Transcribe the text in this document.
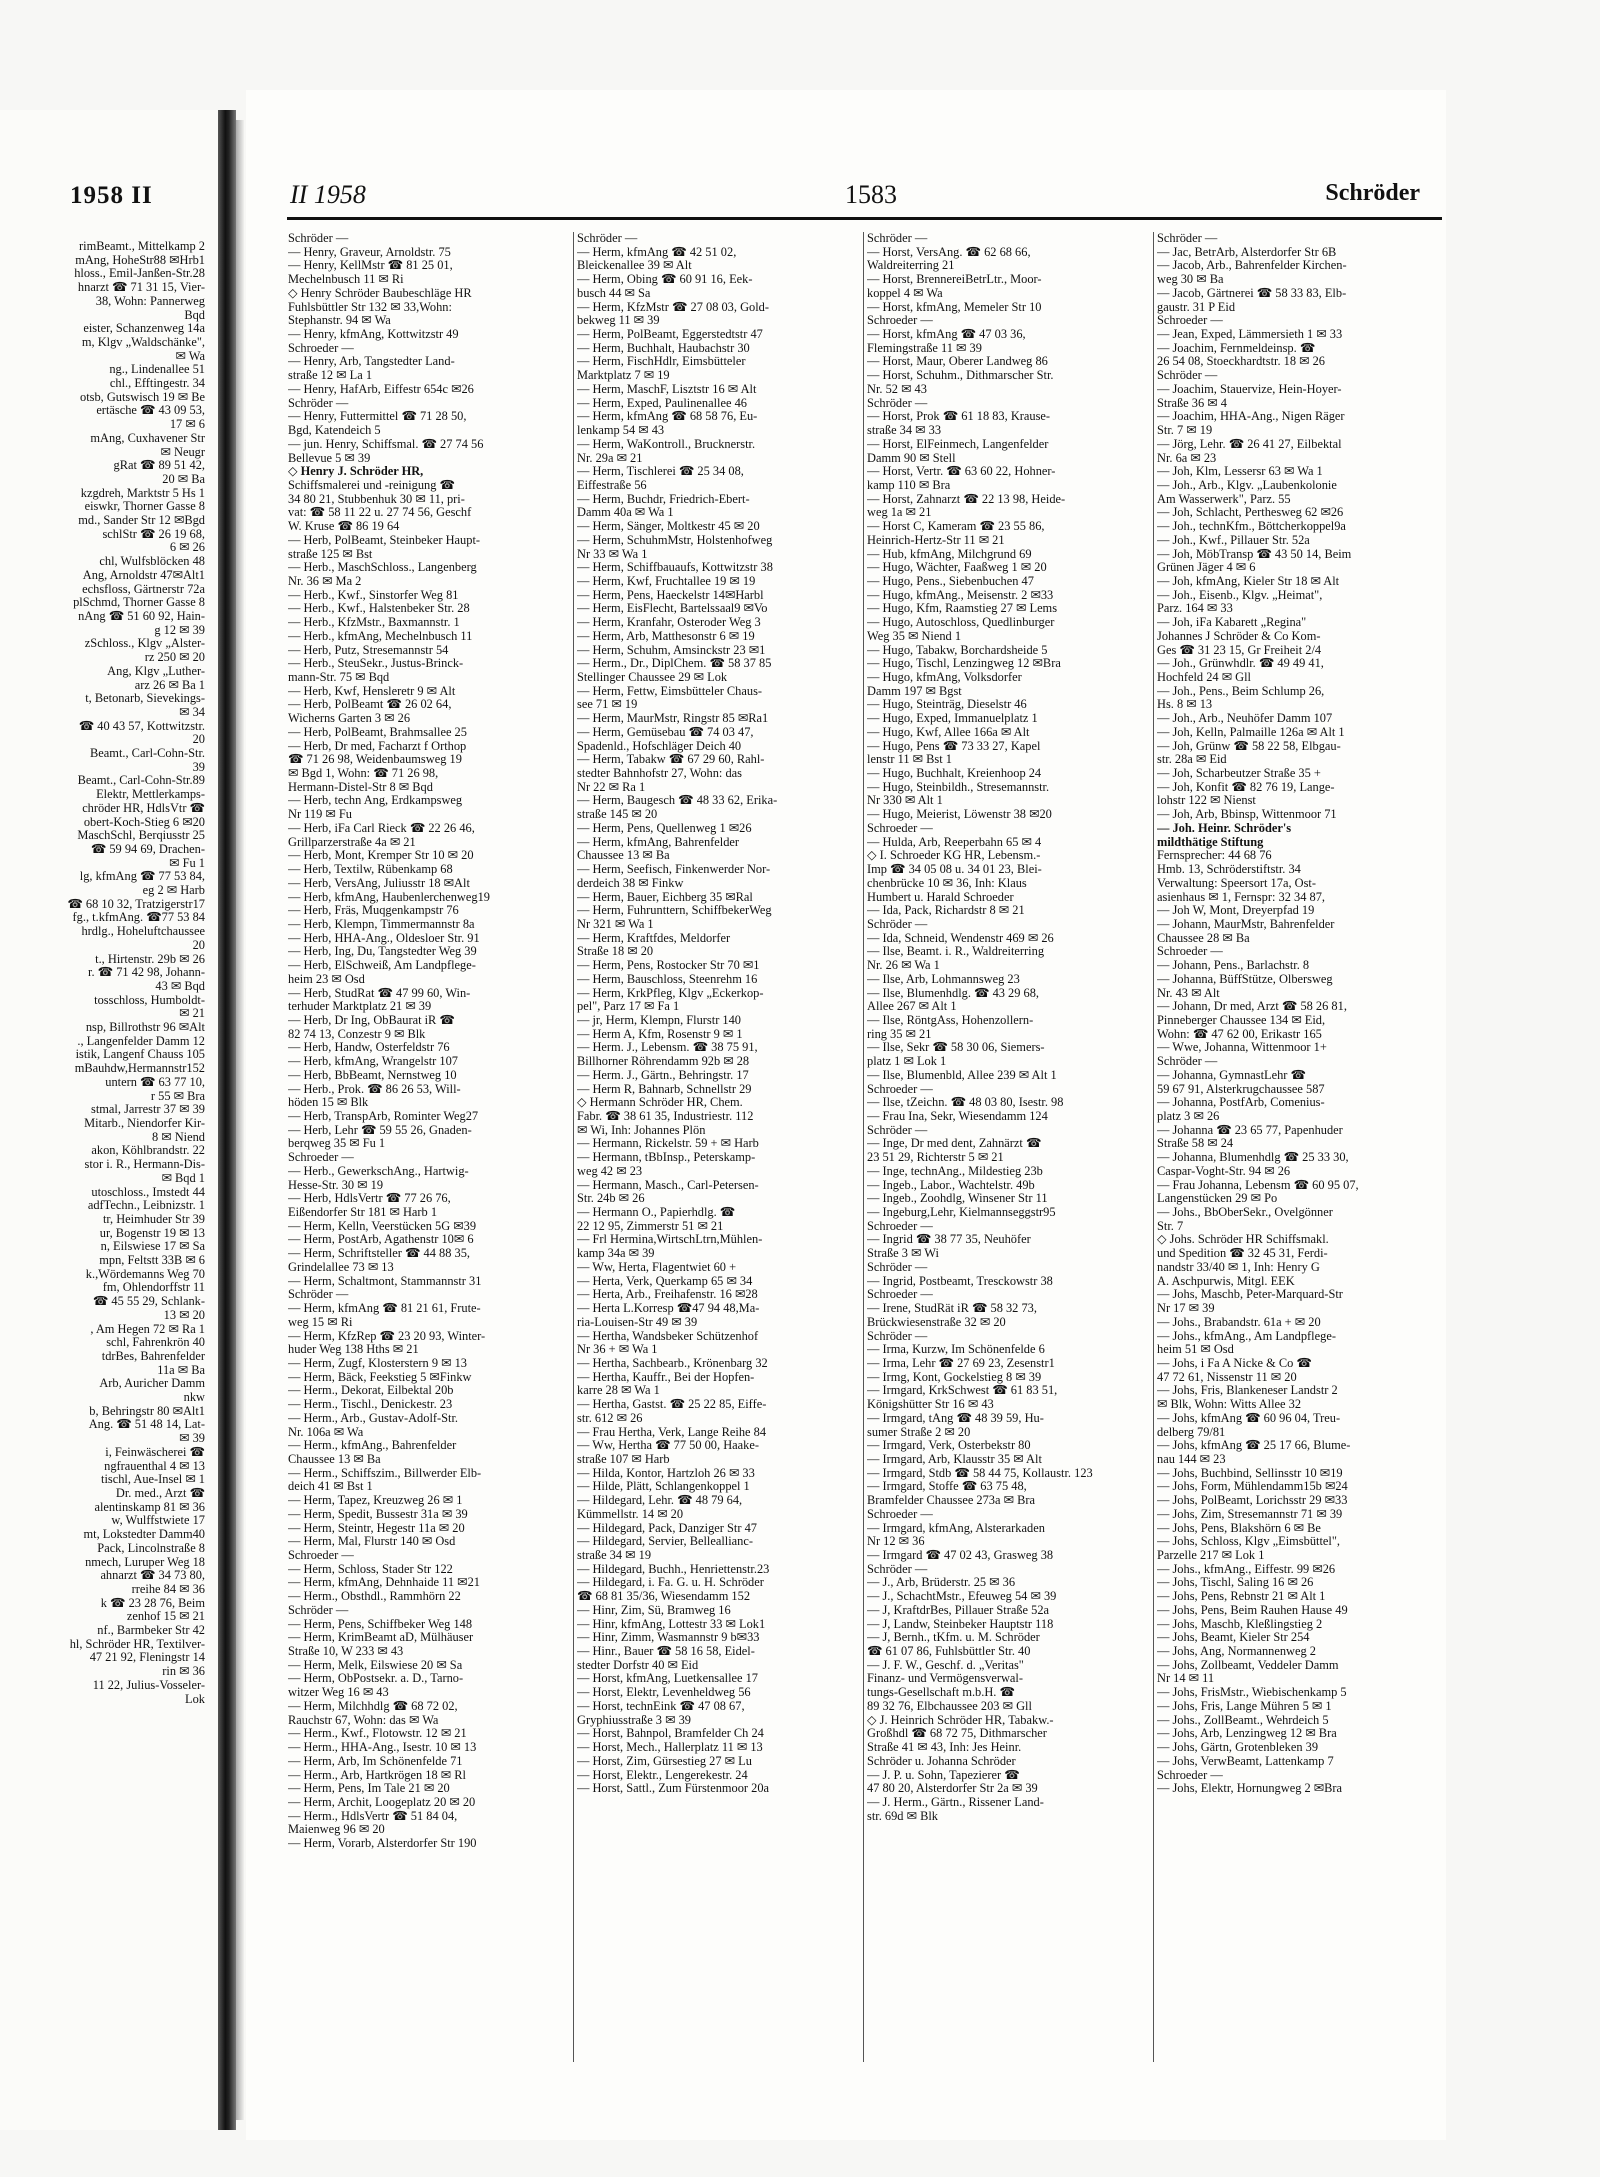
1958 II
rimBeamt., Mittelkamp 2
mAng, HoheStr88 ✉Hrb1
hloss., Emil-Janßen-Str.28
hnarzt ☎ 71 31 15, Vier-
38, Wohn: Pannerweg
Bqd
eister, Schanzenweg 14a
m, Klgv „Waldschänke",
✉ Wa
ng., Lindenallee 51
chl., Efftingestr. 34
otsb, Gutswisch 19 ✉ Be
ertäsche ☎ 43 09 53,
17 ✉ 6
mAng, Cuxhavener Str
✉ Neugr
gRat ☎ 89 51 42,
20 ✉ Ba
kzgdreh, Marktstr 5 Hs 1
eiswkr, Thorner Gasse 8
md., Sander Str 12 ✉Bgd
schlStr ☎ 26 19 68,
6 ✉ 26
chl, Wulfsblöcken 48
Ang, Arnoldstr 47✉Alt1
echsfloss, Gärtnerstr 72a
plSchmd, Thorner Gasse 8
nAng ☎ 51 60 92, Hain-
g 12 ✉ 39
zSchloss., Klgv „Alster-
rz 250 ✉ 20
Ang, Klgv „Luther-
arz 26 ✉ Ba 1
t, Betonarb, Sievekings-
✉ 34
☎ 40 43 57, Kottwitzstr.
20
Beamt., Carl-Cohn-Str.
39
Beamt., Carl-Cohn-Str.89
Elektr, Mettlerkamps-
chröder HR, HdlsVtr ☎
obert-Koch-Stieg 6 ✉20
MaschSchl, Berqiusstr 25
☎ 59 94 69, Drachen-
✉ Fu 1
lg, kfmAng ☎ 77 53 84,
eg 2 ✉ Harb
☎ 68 10 32, Tratzigerstr17
fg., t.kfmAng. ☎77 53 84
hrdlg., Hoheluftchaussee
20
t., Hirtenstr. 29b ✉ 26
r. ☎ 71 42 98, Johann-
43 ✉ Bqd
tosschloss, Humboldt-
✉ 21
nsp, Billrothstr 96 ✉Alt
., Langenfelder Damm 12
istik, Langenf Chauss 105
mBauhdw,Hermannstr152
untern ☎ 63 77 10,
r 55 ✉ Bra
stmal, Jarrestr 37 ✉ 39
Mitarb., Niendorfer Kir-
8 ✉ Niend
akon, Köhlbrandstr. 22
stor i. R., Hermann-Dis-
✉ Bqd 1
utoschloss., Imstedt 44
adfTechn., Leibnizstr. 1
tr, Heimhuder Str 39
ur, Bogenstr 19 ✉ 13
n, Eilswiese 17 ✉ Sa
mpn, Feltstt 33B ✉ 6
k.,Wördemanns Weg 70
fm, Ohlendorffstr 11
☎ 45 55 29, Schlank-
13 ✉ 20
, Am Hegen 72 ✉ Ra 1
schl, Fahrenkrön 40
tdrBes, Bahrenfelder
11a ✉ Ba
Arb, Auricher Damm
nkw
b, Behringstr 80 ✉Alt1
Ang. ☎ 51 48 14, Lat-
✉ 39
i, Feinwäscherei ☎
ngfrauenthal 4 ✉ 13
tischl, Aue-Insel ✉ 1
Dr. med., Arzt ☎
alentinskamp 81 ✉ 36
w, Wulffstwiete 17
mt, Lokstedter Damm40
Pack, Lincolnstraße 8
nmech, Luruper Weg 18
ahnarzt ☎ 34 73 80,
rreihe 84 ✉ 36
k ☎ 23 28 76, Beim
zenhof 15 ✉ 21
nf., Barmbeker Str 42
hl, Schröder HR, Textilver-
47 21 92, Fleningstr 14
rin ✉ 36
11 22, Julius-Vosseler-
Lok
II 1958	1583	Schröder
Schröder —
— Henry, Graveur, Arnoldstr. 75
— Henry, KellMstr ☎ 81 25 01,
Mechelnbusch 11 ✉ Ri
◇ Henry Schröder Baubeschläge HR
Fuhlsbüttler Str 132 ✉ 33,Wohn:
Stephanstr. 94 ✉ Wa
— Henry, kfmAng, Kottwitzstr 49
Schroeder —
— Henry, Arb, Tangstedter Land-
straße 12 ✉ La 1
— Henry, HafArb, Eiffestr 654c ✉26
Schröder —
— Henry, Futtermittel ☎ 71 28 50,
Bgd, Katendeich 5
— jun. Henry, Schiffsmal. ☎ 27 74 56
Bellevue 5 ✉ 39
◇ Henry J. Schröder HR,
Schiffsmalerei und -reinigung ☎
34 80 21, Stubbenhuk 30 ✉ 11, pri-
vat: ☎ 58 11 22 u. 27 74 56, Geschf
W. Kruse ☎ 86 19 64
— Herb, PolBeamt, Steinbeker Haupt-
straße 125 ✉ Bst
— Herb., MaschSchloss., Langenberg
Nr. 36 ✉ Ma 2
— Herb., Kwf., Sinstorfer Weg 81
— Herb., Kwf., Halstenbeker Str. 28
— Herb., KfzMstr., Baxmannstr. 1
— Herb., kfmAng, Mechelnbusch 11
— Herb, Putz, Stresemannstr 54
— Herb., SteuSekr., Justus-Brinck-
mann-Str. 75 ✉ Bqd
— Herb, Kwf, Hensleretr 9 ✉ Alt
— Herb, PolBeamt ☎ 26 02 64,
Wicherns Garten 3 ✉ 26
— Herb, PolBeamt, Brahmsallee 25
— Herb, Dr med, Facharzt f Orthop
☎ 71 26 98, Weidenbaumsweg 19
✉ Bgd 1, Wohn: ☎ 71 26 98,
Hermann-Distel-Str 8 ✉ Bqd
— Herb, techn Ang, Erdkampsweg
Nr 119 ✉ Fu
— Herb, iFa Carl Rieck ☎ 22 26 46,
Grillparzerstraße 4a ✉ 21
— Herb, Mont, Kremper Str 10 ✉ 20
— Herb, Textilw, Rübenkamp 68
— Herb, VersAng, Juliusstr 18 ✉Alt
— Herb, kfmAng, Haubenlerchenweg19
— Herb, Fräs, Muqgenkampstr 76
— Herb, Klempn, Timmermannstr 8a
— Herb, HHA-Ang., Oldesloer Str. 91
— Herb, Ing, Du, Tangstedter Weg 39
— Herb, ElSchweiß, Am Landpflege-
heim 23 ✉ Osd
— Herb, StudRat ☎ 47 99 60, Win-
terhuder Marktplatz 21 ✉ 39
— Herb, Dr Ing, ObBaurat iR ☎
82 74 13, Conzestr 9 ✉ Blk
— Herb, Handw, Osterfeldstr 76
— Herb, kfmAng, Wrangelstr 107
— Herb, BbBeamt, Nernstweg 10
— Herb., Prok. ☎ 86 26 53, Will-
höden 15 ✉ Blk
— Herb, TranspArb, Rominter Weg27
— Herb, Lehr ☎ 59 55 26, Gnaden-
berqweg 35 ✉ Fu 1
Schroeder —
— Herb., GewerkschAng., Hartwig-
Hesse-Str. 30 ✉ 19
— Herb, HdlsVertr ☎ 77 26 76,
Eißendorfer Str 181 ✉ Harb 1
— Herm, Kelln, Veerstücken 5G ✉39
— Herm, PostArb, Agathenstr 10✉ 6
— Herm, Schriftsteller ☎ 44 88 35,
Grindelallee 73 ✉ 13
— Herm, Schaltmont, Stammannstr 31
Schröder —
— Herm, kfmAng ☎ 81 21 61, Frute-
weg 15 ✉ Ri
— Herm, KfzRep ☎ 23 20 93, Winter-
huder Weg 138 Hths ✉ 21
— Herm, Zugf, Klosterstern 9 ✉ 13
— Herm, Bäck, Feekstieg 5 ✉Finkw
— Herm., Dekorat, Eilbektal 20b
— Herm., Tischl., Denickestr. 23
— Herm., Arb., Gustav-Adolf-Str.
Nr. 106a ✉ Wa
— Herm., kfmAng., Bahrenfelder
Chaussee 13 ✉ Ba
— Herm., Schiffszim., Billwerder Elb-
deich 41 ✉ Bst 1
— Herm, Tapez, Kreuzweg 26 ✉ 1
— Herm, Spedit, Bussestr 31a ✉ 39
— Herm, Steintr, Hegestr 11a ✉ 20
— Herm, Mal, Flurstr 140 ✉ Osd
Schroeder —
— Herm, Schloss, Stader Str 122
— Herm, kfmAng, Dehnhaide 11 ✉21
— Herm., Obsthdl., Rammhörn 22
Schröder —
— Herm, Pens, Schiffbeker Weg 148
— Herm, KrimBeamt aD, Mülhäuser
Straße 10, W 233 ✉ 43
— Herm, Melk, Eilswiese 20 ✉ Sa
— Herm, ObPostsekr. a. D., Tarno-
witzer Weg 16 ✉ 43
— Herm, Milchhdlg ☎ 68 72 02,
Rauchstr 67, Wohn: das ✉ Wa
— Herm., Kwf., Flotowstr. 12 ✉ 21
— Herm., HHA-Ang., Isestr. 10 ✉ 13
— Herm, Arb, Im Schönenfelde 71
— Herm., Arb, Hartkrögen 18 ✉ Rl
— Herm, Pens, Im Tale 21 ✉ 20
— Herm, Archit, Loogeplatz 20 ✉ 20
— Herm., HdlsVertr ☎ 51 84 04,
Maienweg 96 ✉ 20
— Herm, Vorarb, Alsterdorfer Str 190
Schröder —
— Herm, kfmAng ☎ 42 51 02,
Bleickenallee 39 ✉ Alt
— Herm, Obing ☎ 60 91 16, Eek-
busch 44 ✉ Sa
— Herm, KfzMstr ☎ 27 08 03, Gold-
bekweg 11 ✉ 39
— Herm, PolBeamt, Eggerstedtstr 47
— Herm, Buchhalt, Haubachstr 30
— Herm, FischHdlr, Eimsbütteler
Marktplatz 7 ✉ 19
— Herm, MaschF, Lisztstr 16 ✉ Alt
— Herm, Exped, Paulinenallee 46
— Herm, kfmAng ☎ 68 58 76, Eu-
lenkamp 54 ✉ 43
— Herm, WaKontroll., Brucknerstr.
Nr. 29a ✉ 21
— Herm, Tischlerei ☎ 25 34 08,
Eiffestraße 56
— Herm, Buchdr, Friedrich-Ebert-
Damm 40a ✉ Wa 1
— Herm, Sänger, Moltkestr 45 ✉ 20
— Herm, SchuhmMstr, Holstenhofweg
Nr 33 ✉ Wa 1
— Herm, Schiffbauaufs, Kottwitzstr 38
— Herm, Kwf, Fruchtallee 19 ✉ 19
— Herm, Pens, Haeckelstr 14✉Harbl
— Herm, EisFlecht, Bartelssaal9 ✉Vo
— Herm, Kranfahr, Osteroder Weg 3
— Herm, Arb, Matthesonstr 6 ✉ 19
— Herm, Schuhm, Amsinckstr 23 ✉1
— Herm., Dr., DiplChem. ☎ 58 37 85
Stellinger Chaussee 29 ✉ Lok
— Herm, Fettw, Eimsbütteler Chaus-
see 71 ✉ 19
— Herm, MaurMstr, Ringstr 85 ✉Ra1
— Herm, Gemüsebau ☎ 74 03 47,
Spadenld., Hofschläger Deich 40
— Herm, Tabakw ☎ 67 29 60, Rahl-
stedter Bahnhofstr 27, Wohn: das
Nr 22 ✉ Ra 1
— Herm, Baugesch ☎ 48 33 62, Erika-
straße 145 ✉ 20
— Herm, Pens, Quellenweg 1 ✉26
— Herm, kfmAng, Bahrenfelder
Chaussee 13 ✉ Ba
— Herm, Seefisch, Finkenwerder Nor-
derdeich 38 ✉ Finkw
— Herm, Bauer, Eichberg 35 ✉Ral
— Herm, Fuhrunttern, SchiffbekerWeg
Nr 321 ✉ Wa 1
— Herm, Kraftfdes, Meldorfer
Straße 18 ✉ 20
— Herm, Pens, Rostocker Str 70 ✉1
— Herm, Bauschloss, Steenrehm 16
— Herm, KrkPfleg, Klgv „Eckerkop-
pel", Parz 17 ✉ Fa 1
— jr, Herm, Klempn, Flurstr 140
— Herm A, Kfm, Rosenstr 9 ✉ 1
— Herm. J., Lebensm. ☎ 38 75 91,
Billhorner Röhrendamm 92b ✉ 28
— Herm. J., Gärtn., Behringstr. 17
— Herm R, Bahnarb, Schnellstr 29
◇ Hermann Schröder HR, Chem.
Fabr. ☎ 38 61 35, Industriestr. 112
✉ Wi, Inh: Johannes Plön
— Hermann, Rickelstr. 59 + ✉ Harb
— Hermann, tBbInsp., Peterskamp-
weg 42 ✉ 23
— Hermann, Masch., Carl-Petersen-
Str. 24b ✉ 26
— Hermann O., Papierhdlg. ☎
22 12 95, Zimmerstr 51 ✉ 21
— Frl Hermina,WirtschLtrn,Mühlen-
kamp 34a ✉ 39
— Ww, Herta, Flagentwiet 60 +
— Herta, Verk, Querkamp 65 ✉ 34
— Herta, Arb., Freihafenstr. 16 ✉28
— Herta L.Korresp ☎47 94 48,Ma-
ria-Louisen-Str 49 ✉ 39
— Hertha, Wandsbeker Schützenhof
Nr 36 + ✉ Wa 1
— Hertha, Sachbearb., Krönenbarg 32
— Hertha, Kauffr., Bei der Hopfen-
karre 28 ✉ Wa 1
— Hertha, Gastst. ☎ 25 22 85, Eiffe-
str. 612 ✉ 26
— Frau Hertha, Verk, Lange Reihe 84
— Ww, Hertha ☎ 77 50 00, Haake-
straße 107 ✉ Harb
— Hilda, Kontor, Hartzloh 26 ✉ 33
— Hilde, Plätt, Schlangenkoppel 1
— Hildegard, Lehr. ☎ 48 79 64,
Kümmellstr. 14 ✉ 20
— Hildegard, Pack, Danziger Str 47
— Hildegard, Servier, Belleallianc-
straße 34 ✉ 19
— Hildegard, Buchh., Henriettenstr.23
— Hildegard, i. Fa. G. u. H. Schröder
☎ 68 81 35/36, Wiesendamm 152
— Hinr, Zim, Sü, Bramweg 16
— Hinr, kfmAng, Lottestr 33 ✉ Lok1
— Hinr, Zimm, Wasmannstr 9 b✉33
— Hinr., Bauer ☎ 58 16 58, Eidel-
stedter Dorfstr 40 ✉ Eid
— Horst, kfmAng, Luetkensallee 17
— Horst, Elektr, Levenheldweg 56
— Horst, technEink ☎ 47 08 67,
Gryphiusstraße 3 ✉ 39
— Horst, Bahnpol, Bramfelder Ch 24
— Horst, Mech., Hallerplatz 11 ✉ 13
— Horst, Zim, Gürsestieg 27 ✉ Lu
— Horst, Elektr., Lengerekestr. 24
— Horst, Sattl., Zum Fürstenmoor 20a
Schröder —
— Horst, VersAng. ☎ 62 68 66,
Waldreiterring 21
— Horst, BrennereiBetrLtr., Moor-
koppel 4 ✉ Wa
— Horst, kfmAng, Memeler Str 10
Schroeder —
— Horst, kfmAng ☎ 47 03 36,
Flemingstraße 11 ✉ 39
— Horst, Maur, Oberer Landweg 86
— Horst, Schuhm., Dithmarscher Str.
Nr. 52 ✉ 43
Schröder —
— Horst, Prok ☎ 61 18 83, Krause-
straße 34 ✉ 33
— Horst, ElFeinmech, Langenfelder
Damm 90 ✉ Stell
— Horst, Vertr. ☎ 63 60 22, Hohner-
kamp 110 ✉ Bra
— Horst, Zahnarzt ☎ 22 13 98, Heide-
weg 1a ✉ 21
— Horst C, Kameram ☎ 23 55 86,
Heinrich-Hertz-Str 11 ✉ 21
— Hub, kfmAng, Milchgrund 69
— Hugo, Wächter, Faaßweg 1 ✉ 20
— Hugo, Pens., Siebenbuchen 47
— Hugo, kfmAng., Meisenstr. 2 ✉33
— Hugo, Kfm, Raamstieg 27 ✉ Lems
— Hugo, Autoschloss, Quedlinburger
Weg 35 ✉ Niend 1
— Hugo, Tabakw, Borchardsheide 5
— Hugo, Tischl, Lenzingweg 12 ✉Bra
— Hugo, kfmAng, Volksdorfer
Damm 197 ✉ Bgst
— Hugo, Steinträg, Dieselstr 46
— Hugo, Exped, Immanuelplatz 1
— Hugo, Kwf, Allee 166a ✉ Alt
— Hugo, Pens ☎ 73 33 27, Kapel
lenstr 11 ✉ Bst 1
— Hugo, Buchhalt, Kreienhoop 24
— Hugo, Steinbildh., Stresemannstr.
Nr 330 ✉ Alt 1
— Hugo, Meierist, Löwenstr 38 ✉20
Schroeder —
— Hulda, Arb, Reeperbahn 65 ✉ 4
◇ I. Schroeder KG HR, Lebensm.-
Imp ☎ 34 05 08 u. 34 01 23, Blei-
chenbrücke 10 ✉ 36, Inh: Klaus
Humbert u. Harald Schroeder
— Ida, Pack, Richardstr 8 ✉ 21
Schröder —
— Ida, Schneid, Wendenstr 469 ✉ 26
— Ilse, Beamt. i. R., Waldreiterring
Nr. 26 ✉ Wa 1
— Ilse, Arb, Lohmannsweg 23
— Ilse, Blumenhdlg. ☎ 43 29 68,
Allee 267 ✉ Alt 1
— Ilse, RöntgAss, Hohenzollern-
ring 35 ✉ 21
— Ilse, Sekr ☎ 58 30 06, Siemers-
platz 1 ✉ Lok 1
— Ilse, Blumenbld, Allee 239 ✉ Alt 1
Schroeder —
— Ilse, tZeichn. ☎ 48 03 80, Isestr. 98
— Frau Ina, Sekr, Wiesendamm 124
Schröder —
— Inge, Dr med dent, Zahnärzt ☎
23 51 29, Richterstr 5 ✉ 21
— Inge, technAng., Mildestieg 23b
— Ingeb., Labor., Wachtelstr. 49b
— Ingeb., Zoohdlg, Winsener Str 11
— Ingeburg,Lehr, Kielmannseggstr95
Schroeder —
— Ingrid ☎ 38 77 35, Neuhöfer
Straße 3 ✉ Wi
Schröder —
— Ingrid, Postbeamt, Tresckowstr 38
Schroeder —
— Irene, StudRät iR ☎ 58 32 73,
Brückwiesenstraße 32 ✉ 20
Schröder —
— Irma, Kurzw, Im Schönenfelde 6
— Irma, Lehr ☎ 27 69 23, Zesenstr1
— Irmg, Kont, Gockelstieg 8 ✉ 39
— Irmgard, KrkSchwest ☎ 61 83 51,
Königshütter Str 16 ✉ 43
— Irmgard, tAng ☎ 48 39 59, Hu-
sumer Straße 2 ✉ 20
— Irmgard, Verk, Osterbekstr 80
— Irmgard, Arb, Klausstr 35 ✉ Alt
— Irmgard, Stdb ☎ 58 44 75, Kollaustr. 123
— Irmgard, Stoffe ☎ 63 75 48,
Bramfelder Chaussee 273a ✉ Bra
Schroeder —
— Irmgard, kfmAng, Alsterarkaden
Nr 12 ✉ 36
— Irmgard ☎ 47 02 43, Grasweg 38
Schröder —
— J., Arb, Brüderstr. 25 ✉ 36
— J., SchachtMstr., Efeuweg 54 ✉ 39
— J, KraftdrBes, Pillauer Straße 52a
— J, Landw, Steinbeker Hauptstr 118
— J, Bernh., tKfm. u. M. Schröder
☎ 61 07 86, Fuhlsbüttler Str. 40
— J. F. W., Geschf. d. „Veritas"
Finanz- und Vermögensverwal-
tungs-Gesellschaft m.b.H. ☎
89 32 76, Elbchaussee 203 ✉ Gll
◇ J. Heinrich Schröder HR, Tabakw.-
Großhdl ☎ 68 72 75, Dithmarscher
Straße 41 ✉ 43, Inh: Jes Heinr.
Schröder u. Johanna Schröder
— J. P. u. Sohn, Tapezierer ☎
47 80 20, Alsterdorfer Str 2a ✉ 39
— J. Herm., Gärtn., Rissener Land-
str. 69d ✉ Blk
Schröder —
— Jac, BetrArb, Alsterdorfer Str 6B
— Jacob, Arb., Bahrenfelder Kirchen-
weg 30 ✉ Ba
— Jacob, Gärtnerei ☎ 58 33 83, Elb-
gaustr. 31 P Eid
Schroeder —
— Jean, Exped, Lämmersieth 1 ✉ 33
— Joachim, Fernmeldeinsp. ☎
26 54 08, Stoeckhardtstr. 18 ✉ 26
Schröder —
— Joachim, Stauervize, Hein-Hoyer-
Straße 36 ✉ 4
— Joachim, HHA-Ang., Nigen Räger
Str. 7 ✉ 19
— Jörg, Lehr. ☎ 26 41 27, Eilbektal
Nr. 6a ✉ 23
— Joh, Klm, Lessersr 63 ✉ Wa 1
— Joh., Arb., Klgv. „Laubenkolonie
Am Wasserwerk", Parz. 55
— Joh, Schlacht, Perthesweg 62 ✉26
— Joh., technKfm., Böttcherkoppel9a
— Joh., Kwf., Pillauer Str. 52a
— Joh, MöbTransp ☎ 43 50 14, Beim
Grünen Jäger 4 ✉ 6
— Joh, kfmAng, Kieler Str 18 ✉ Alt
— Joh., Eisenb., Klgv. „Heimat",
Parz. 164 ✉ 33
— Joh, iFa Kabarett „Regina"
Johannes J Schröder & Co Kom-
Ges ☎ 31 23 15, Gr Freiheit 2/4
— Joh., Grünwhdlr. ☎ 49 49 41,
Hochfeld 24 ✉ Gll
— Joh., Pens., Beim Schlump 26,
Hs. 8 ✉ 13
— Joh., Arb., Neuhöfer Damm 107
— Joh, Kelln, Palmaille 126a ✉ Alt 1
— Joh, Grünw ☎ 58 22 58, Elbgau-
str. 28a ✉ Eid
— Joh, Scharbeutzer Straße 35 +
— Joh, Konfit ☎ 82 76 19, Lange-
lohstr 122 ✉ Nienst
— Joh, Arb, Bbinsp, Wittenmoor 71
— Joh. Heinr. Schröder's
mildthätige Stiftung
Fernsprecher: 44 68 76
Hmb. 13, Schröderstiftstr. 34
Verwaltung: Speersort 17a, Ost-
asienhaus ✉ 1, Fernspr: 32 34 87,
— Joh W, Mont, Dreyerpfad 19
— Johann, MaurMstr, Bahrenfelder
Chaussee 28 ✉ Ba
Schroeder —
— Johann, Pens., Barlachstr. 8
— Johanna, BüffStütze, Olbersweg
Nr. 43 ✉ Alt
— Johann, Dr med, Arzt ☎ 58 26 81,
Pinneberger Chaussee 134 ✉ Eid,
Wohn: ☎ 47 62 00, Erikastr 165
— Wwe, Johanna, Wittenmoor 1+
Schröder —
— Johanna, GymnastLehr ☎
59 67 91, Alsterkrugchaussee 587
— Johanna, PostfArb, Comenius-
platz 3 ✉ 26
— Johanna ☎ 23 65 77, Papenhuder
Straße 58 ✉ 24
— Johanna, Blumenhdlg ☎ 25 33 30,
Caspar-Voght-Str. 94 ✉ 26
— Frau Johanna, Lebensm ☎ 60 95 07,
Langenstücken 29 ✉ Po
— Johs., BbOberSekr., Ovelgönner
Str. 7
◇ Johs. Schröder HR Schiffsmakl.
und Spedition ☎ 32 45 31, Ferdi-
nandstr 33/40 ✉ 1, Inh: Henry G
A. Aschpurwis, Mitgl. EEK
— Johs, Maschb, Peter-Marquard-Str
Nr 17 ✉ 39
— Johs., Brabandstr. 61a + ✉ 20
— Johs., kfmAng., Am Landpflege-
heim 51 ✉ Osd
— Johs, i Fa A Nicke & Co ☎
47 72 61, Nissenstr 11 ✉ 20
— Johs, Fris, Blankeneser Landstr 2
✉ Blk, Wohn: Witts Allee 32
— Johs, kfmAng ☎ 60 96 04, Treu-
delberg 79/81
— Johs, kfmAng ☎ 25 17 66, Blume-
nau 144 ✉ 23
— Johs, Buchbind, Sellinsstr 10 ✉19
— Johs, Form, Mühlendamm15b ✉24
— Johs, PolBeamt, Lorichsstr 29 ✉33
— Johs, Zim, Stresemannstr 71 ✉ 39
— Johs, Pens, Blakshörn 6 ✉ Be
— Johs, Schloss, Klgv „Eimsbüttel",
Parzelle 217 ✉ Lok 1
— Johs., kfmAng., Eiffestr. 99 ✉26
— Johs, Tischl, Saling 16 ✉ 26
— Johs, Pens, Rebnstr 21 ✉ Alt 1
— Johs, Pens, Beim Rauhen Hause 49
— Johs, Maschb, Kleßlingstieg 2
— Johs, Beamt, Kieler Str 254
— Johs, Ang, Normannenweg 2
— Johs, Zollbeamt, Veddeler Damm
Nr 14 ✉ 11
— Johs, FrisMstr., Wiebischenkamp 5
— Johs, Fris, Lange Mühren 5 ✉ 1
— Johs., ZollBeamt., Wehrdeich 5
— Johs, Arb, Lenzingweg 12 ✉ Bra
— Johs, Gärtn, Grotenbleken 39
— Johs, VerwBeamt, Lattenkamp 7
Schroeder —
— Johs, Elektr, Hornungweg 2 ✉Bra
